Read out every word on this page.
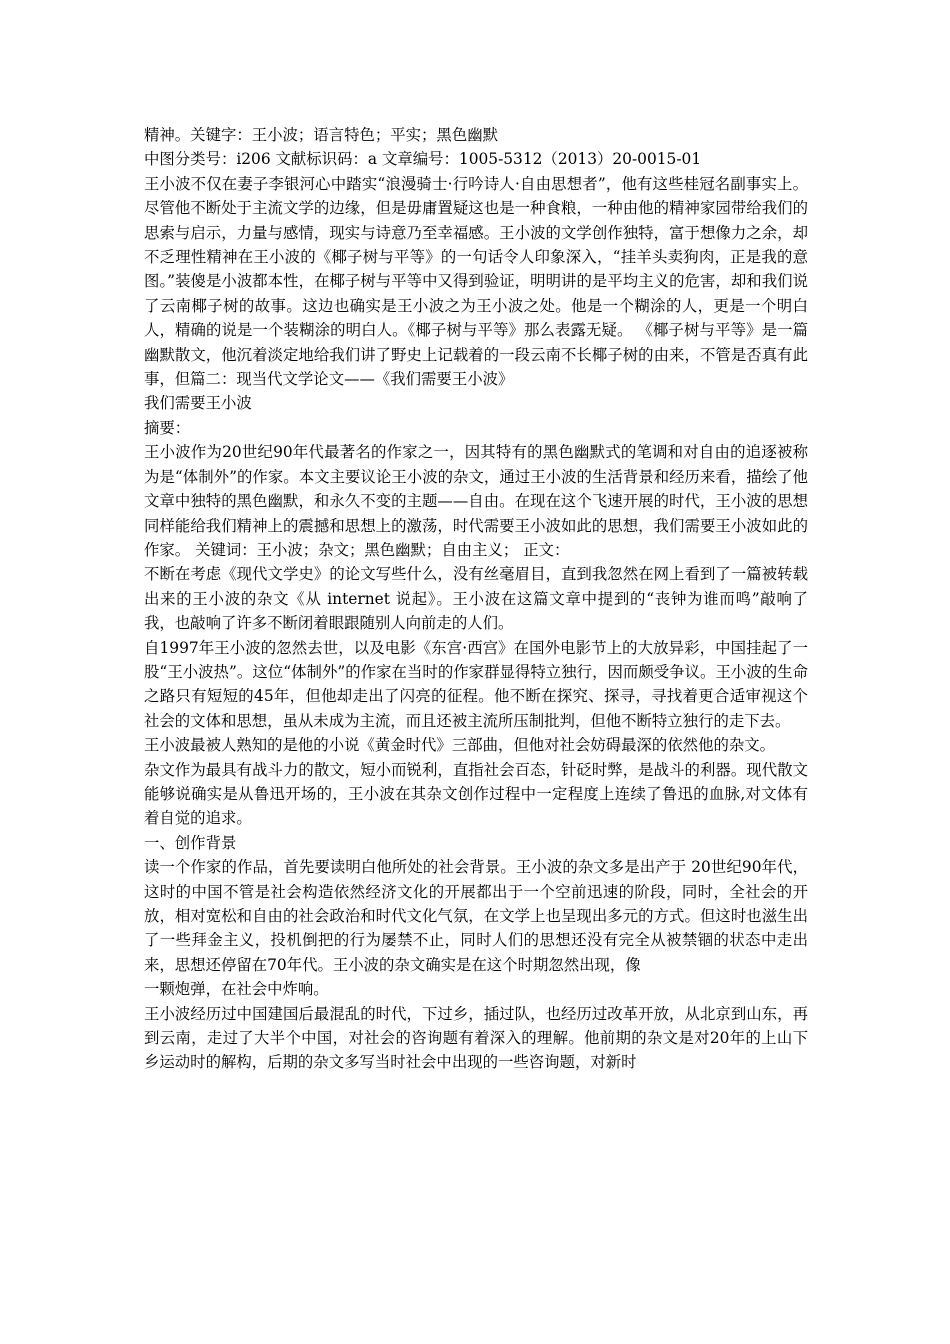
精神。关键字：王小波；语言特色；平实；黑色幽默

中图分类号：i206 文献标识码：a 文章编号：1005-5312（2013）20-0015-01

王小波不仅在妻子李银河心中踏实“浪漫骑士·行吟诗人·自由思想者”，他有这些桂冠名副事实上。尽管他不断处于主流文学的边缘，但是毋庸置疑这也是一种食粮，一种由他的精神家园带给我们的思索与启示，力量与感情，现实与诗意乃至幸福感。王小波的文学创作独特，富于想像力之余，却不乏理性精神在王小波的《椰子树与平等》的一句话令人印象深入，“挂羊头卖狗肉，正是我的意图。”装傻是小波都本性，在椰子树与平等中又得到验证，明明讲的是平均主义的危害，却和我们说了云南椰子树的故事。这边也确实是王小波之为王小波之处。他是一个糊涂的人，更是一个明白人，精确的说是一个装糊涂的明白人。《椰子树与平等》那么表露无疑。 《椰子树与平等》是一篇幽默散文，他沉着淡定地给我们讲了野史上记载着的一段云南不长椰子树的由来，不管是否真有此事，但篇二：现当代文学论文——《我们需要王小波》

我们需要王小波

摘要：

王小波作为20世纪90年代最著名的作家之一，因其特有的黑色幽默式的笔调和对自由的追逐被称为是“体制外”的作家。本文主要议论王小波的杂文，通过王小波的生活背景和经历来看，描绘了他文章中独特的黑色幽默，和永久不变的主题——自由。在现在这个飞速开展的时代，王小波的思想同样能给我们精神上的震撼和思想上的激荡，时代需要王小波如此的思想，我们需要王小波如此的作家。 关键词：王小波；杂文；黑色幽默；自由主义； 正文：

不断在考虑《现代文学史》的论文写些什么，没有丝毫眉目，直到我忽然在网上看到了一篇被转载出来的王小波的杂文《从 internet 说起》。王小波在这篇文章中提到的“丧钟为谁而鸣”敲响了我，也敲响了许多不断闭着眼跟随别人向前走的人们。

自1997年王小波的忽然去世，以及电影《东宫·西宫》在国外电影节上的大放异彩，中国挂起了一股“王小波热”。这位“体制外”的作家在当时的作家群显得特立独行，因而颇受争议。王小波的生命之路只有短短的45年，但他却走出了闪亮的征程。他不断在探究、探寻，寻找着更合适审视这个社会的文体和思想，虽从未成为主流，而且还被主流所压制批判，但他不断特立独行的走下去。

王小波最被人熟知的是他的小说《黄金时代》三部曲，但他对社会妨碍最深的依然他的杂文。

杂文作为最具有战斗力的散文，短小而锐利，直指社会百态，针砭时弊，是战斗的利器。现代散文能够说确实是从鲁迅开场的，王小波在其杂文创作过程中一定程度上连续了鲁迅的血脉,对文体有着自觉的追求。

一、创作背景

读一个作家的作品，首先要读明白他所处的社会背景。王小波的杂文多是出产于 20世纪90年代，这时的中国不管是社会构造依然经济文化的开展都出于一个空前迅速的阶段，同时，全社会的开放，相对宽松和自由的社会政治和时代文化气氛，在文学上也呈现出多元的方式。但这时也滋生出了一些拜金主义，投机倒把的行为屡禁不止，同时人们的思想还没有完全从被禁锢的状态中走出来，思想还停留在70年代。王小波的杂文确实是在这个时期忽然出现，像

一颗炮弹，在社会中炸响。

王小波经历过中国建国后最混乱的时代，下过乡，插过队，也经历过改革开放，从北京到山东，再到云南，走过了大半个中国，对社会的咨询题有着深入的理解。他前期的杂文是对20年的上山下乡运动时的解构，后期的杂文多写当时社会中出现的一些咨询题，对新时
